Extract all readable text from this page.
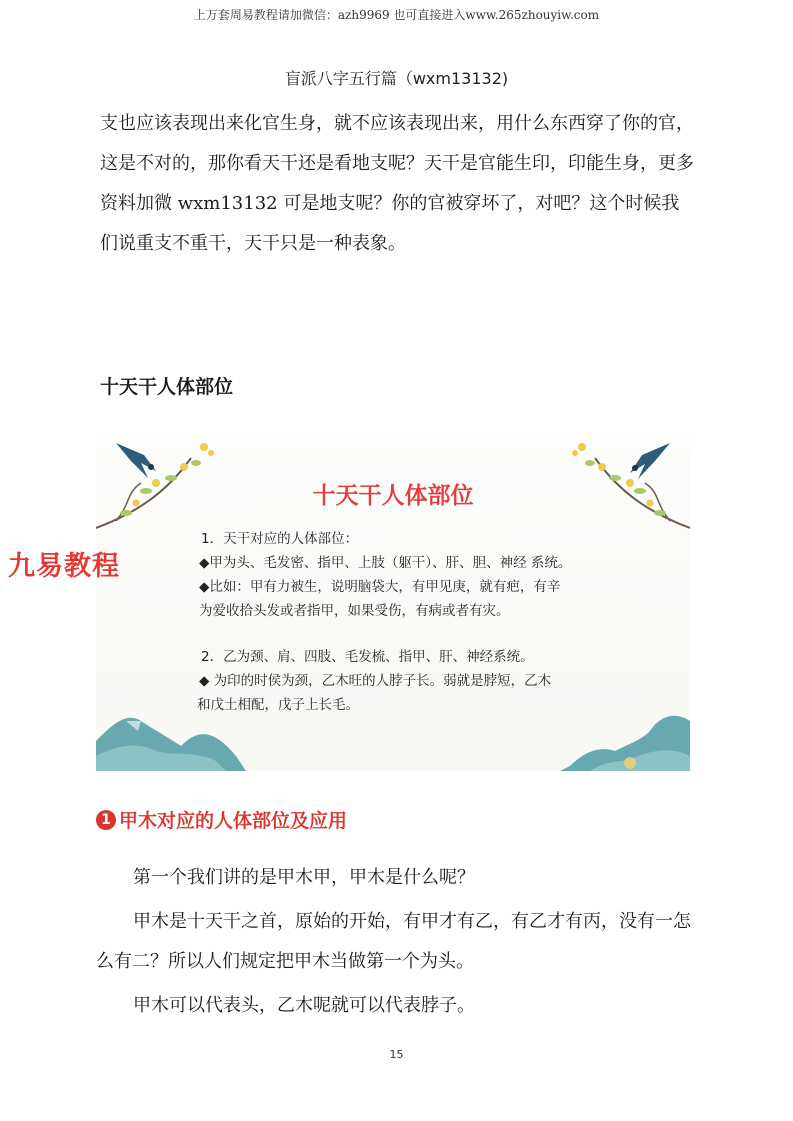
上万套周易教程请加微信：azh9969 也可直接进入www.265zhouyiw.com
盲派八字五行篇（wxm13132)

支也应该表现出来化官生身，就不应该表现出来，用什么东西穿了你的官，这是不对的，那你看天干还是看地支呢？天干是官能生印，印能生身，更多资料加微 wxm13132 可是地支呢？你的官被穿坏了，对吧？这个时候我们说重支不重干，天干只是一种表象。

十天干人体部位
十天干人体部位
1．天干对应的人体部位：
◆甲为头、毛发密、指甲、上肢（躯干）、肝、胆、神经 系统。
◆比如：甲有力被生，说明脑袋大，有甲见庚，就有疤，有辛
为爱收拾头发或者指甲，如果受伤，有病或者有灾。
2．乙为颈、肩、四肢、毛发梳、指甲、肝、神经系统。
◆ 为印的时侯为颈，乙木旺的人脖子长。弱就是脖短，乙木
和戊土相配，戊子上长毛。
九易教程
1 甲木对应的人体部位及应用

第一个我们讲的是甲木甲，甲木是什么呢？

甲木是十天干之首，原始的开始，有甲才有乙，有乙才有丙，没有一怎么有二？所以人们规定把甲木当做第一个为头。

甲木可以代表头，乙木呢就可以代表脖子。

15
